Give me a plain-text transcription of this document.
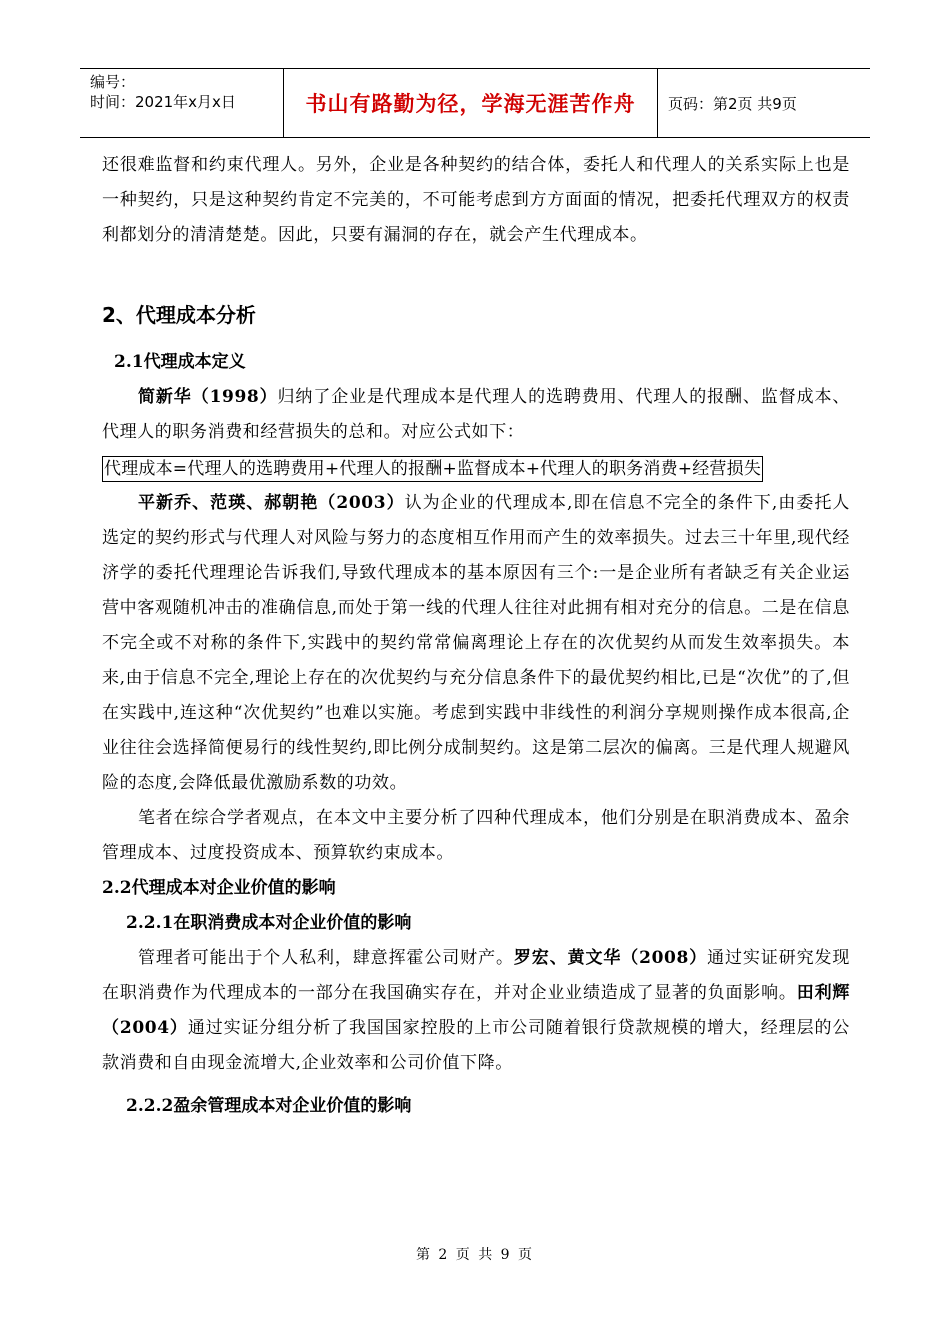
编号：
时间：2021年x月x日	书山有路勤为径，学海无涯苦作舟 页码：第2页 共9页

还很难监督和约束代理人。另外，企业是各种契约的结合体，委托人和代理人的关系实际上也是一种契约，只是这种契约肯定不完美的，不可能考虑到方方面面的情况，把委托代理双方的权责利都划分的清清楚楚。因此，只要有漏洞的存在，就会产生代理成本。

2、代理成本分析
2.1代理成本定义

简新华（1998）归纳了企业是代理成本是代理人的选聘费用、代理人的报酬、监督成本、代理人的职务消费和经营损失的总和。对应公式如下：

代理成本=代理人的选聘费用+代理人的报酬+监督成本+代理人的职务消费+经营损失

平新乔、范瑛、郝朝艳（2003）认为企业的代理成本,即在信息不完全的条件下,由委托人选定的契约形式与代理人对风险与努力的态度相互作用而产生的效率损失。过去三十年里,现代经济学的委托代理理论告诉我们,导致代理成本的基本原因有三个:一是企业所有者缺乏有关企业运营中客观随机冲击的准确信息,而处于第一线的代理人往往对此拥有相对充分的信息。二是在信息不完全或不对称的条件下,实践中的契约常常偏离理论上存在的次优契约从而发生效率损失。本来,由于信息不完全,理论上存在的次优契约与充分信息条件下的最优契约相比,已是“次优”的了,但在实践中,连这种“次优契约”也难以实施。考虑到实践中非线性的利润分享规则操作成本很高,企业往往会选择简便易行的线性契约,即比例分成制契约。这是第二层次的偏离。三是代理人规避风险的态度,会降低最优激励系数的功效。

笔者在综合学者观点，在本文中主要分析了四种代理成本，他们分别是在职消费成本、盈余管理成本、过度投资成本、预算软约束成本。

2.2代理成本对企业价值的影响
2.2.1在职消费成本对企业价值的影响

管理者可能出于个人私利，肆意挥霍公司财产。罗宏、黄文华（2008）通过实证研究发现在职消费作为代理成本的一部分在我国确实存在，并对企业业绩造成了显著的负面影响。田利辉（2004）通过实证分组分析了我国国家控股的上市公司随着银行贷款规模的增大，经理层的公款消费和自由现金流增大,企业效率和公司价值下降。

2.2.2盈余管理成本对企业价值的影响
第 2 页 共 9 页
